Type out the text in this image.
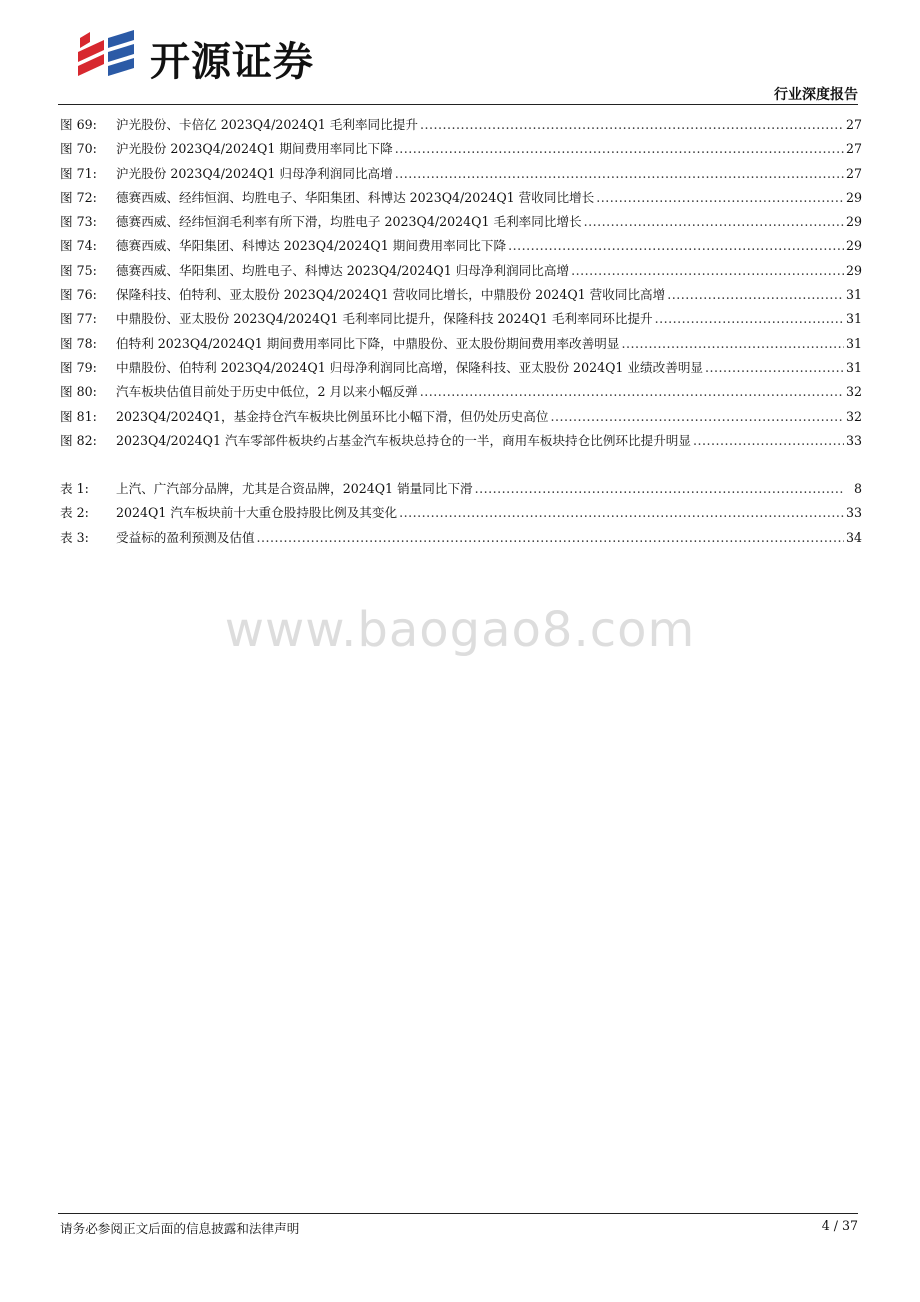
开源证券
行业深度报告
图 69:	沪光股份、卡倍亿 2023Q4/2024Q1 毛利率同比提升 .....	27
图 70:	沪光股份 2023Q4/2024Q1 期间费用率同比下降 .....	27
图 71:	沪光股份 2023Q4/2024Q1 归母净利润同比高增 .....	27
图 72:	德赛西威、经纬恒润、均胜电子、华阳集团、科博达 2023Q4/2024Q1 营收同比增长 .....	29
图 73:	德赛西威、经纬恒润毛利率有所下滑，均胜电子 2023Q4/2024Q1 毛利率同比增长 .....	29
图 74:	德赛西威、华阳集团、科博达 2023Q4/2024Q1 期间费用率同比下降 .....	29
图 75:	德赛西威、华阳集团、均胜电子、科博达 2023Q4/2024Q1 归母净利润同比高增 .....	29
图 76:	保隆科技、伯特利、亚太股份 2023Q4/2024Q1 营收同比增长，中鼎股份 2024Q1 营收同比高增 .....	31
图 77:	中鼎股份、亚太股份 2023Q4/2024Q1 毛利率同比提升，保隆科技 2024Q1 毛利率同环比提升 .....	31
图 78:	伯特利 2023Q4/2024Q1 期间费用率同比下降，中鼎股份、亚太股份期间费用率改善明显 .....	31
图 79:	中鼎股份、伯特利 2023Q4/2024Q1 归母净利润同比高增，保隆科技、亚太股份 2024Q1 业绩改善明显 .....	31
图 80:	汽车板块估值目前处于历史中低位，2 月以来小幅反弹 .....	32
图 81:	2023Q4/2024Q1，基金持仓汽车板块比例虽环比小幅下滑，但仍处历史高位 .....	32
图 82:	2023Q4/2024Q1 汽车零部件板块约占基金汽车板块总持仓的一半，商用车板块持仓比例环比提升明显 .....	33
表 1:	上汽、广汽部分品牌，尤其是合资品牌，2024Q1 销量同比下滑 .....	8
表 2:	2024Q1 汽车板块前十大重仓股持股比例及其变化 .....	33
表 3:	受益标的盈利预测及估值 .....	34
www.baogao8.com
请务必参阅正文后面的信息披露和法律声明	4 / 37
